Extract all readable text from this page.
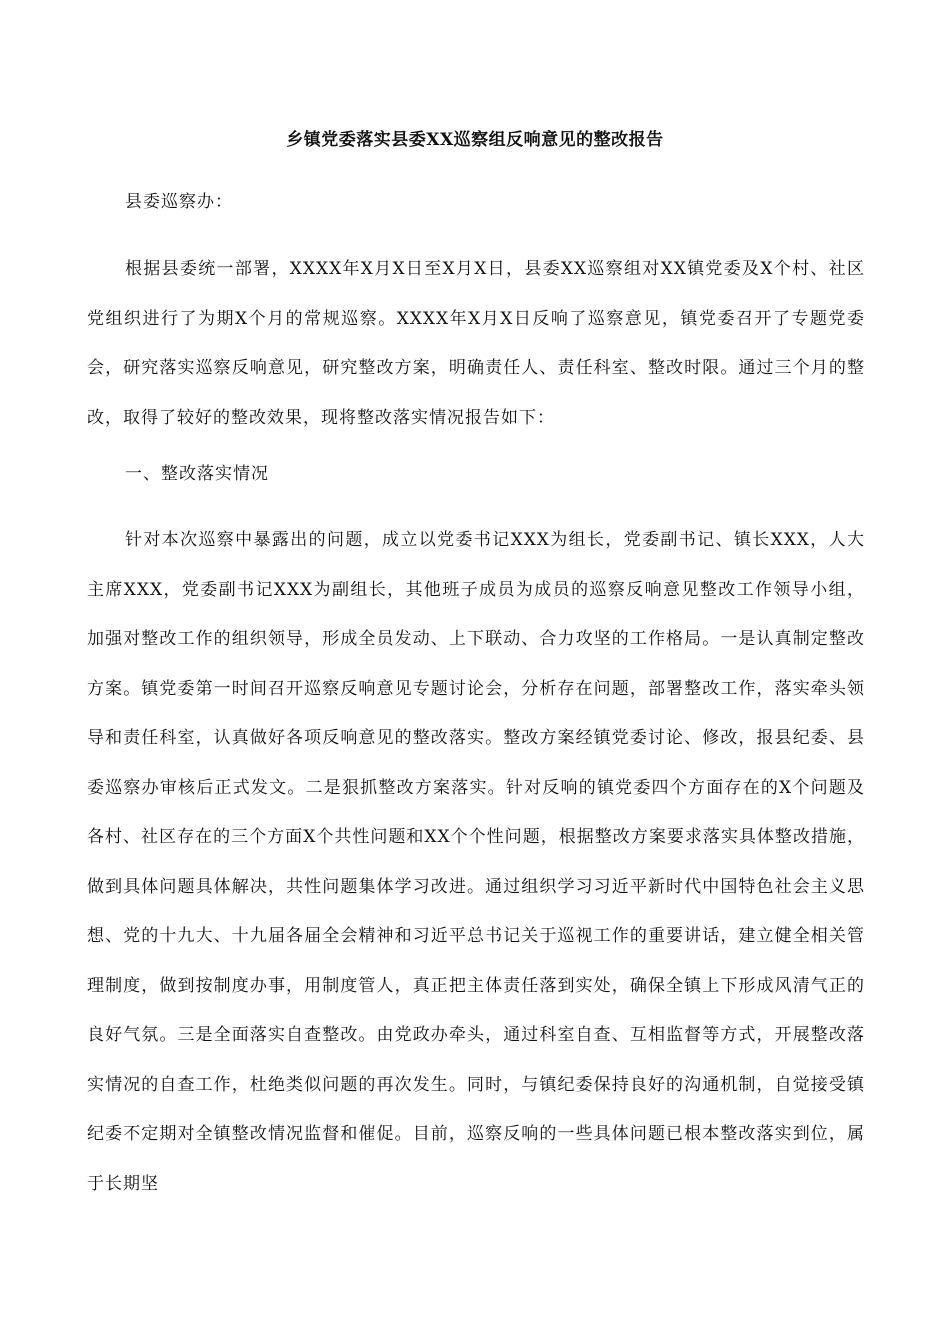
乡镇党委落实县委XX巡察组反响意见的整改报告

县委巡察办：

根据县委统一部署，XXXX年X月X日至X月X日，县委XX巡察组对XX镇党委及X个村、社区党组织进行了为期X个月的常规巡察。XXXX年X月X日反响了巡察意见，镇党委召开了专题党委会，研究落实巡察反响意见，研究整改方案，明确责任人、责任科室、整改时限。通过三个月的整改，取得了较好的整改效果，现将整改落实情况报告如下：

一、整改落实情况

针对本次巡察中暴露出的问题，成立以党委书记XXX为组长，党委副书记、镇长XXX，人大主席XXX，党委副书记XXX为副组长，其他班子成员为成员的巡察反响意见整改工作领导小组，加强对整改工作的组织领导，形成全员发动、上下联动、合力攻坚的工作格局。一是认真制定整改方案。镇党委第一时间召开巡察反响意见专题讨论会，分析存在问题，部署整改工作，落实牵头领导和责任科室，认真做好各项反响意见的整改落实。整改方案经镇党委讨论、修改，报县纪委、县委巡察办审核后正式发文。二是狠抓整改方案落实。针对反响的镇党委四个方面存在的X个问题及各村、社区存在的三个方面X个共性问题和XX个个性问题，根据整改方案要求落实具体整改措施，做到具体问题具体解决，共性问题集体学习改进。通过组织学习习近平新时代中国特色社会主义思想、党的十九大、十九届各届全会精神和习近平总书记关于巡视工作的重要讲话，建立健全相关管理制度，做到按制度办事，用制度管人，真正把主体责任落到实处，确保全镇上下形成风清气正的良好气氛。三是全面落实自查整改。由党政办牵头，通过科室自查、互相监督等方式，开展整改落实情况的自查工作，杜绝类似问题的再次发生。同时，与镇纪委保持良好的沟通机制，自觉接受镇纪委不定期对全镇整改情况监督和催促。目前，巡察反响的一些具体问题已根本整改落实到位，属于长期坚
